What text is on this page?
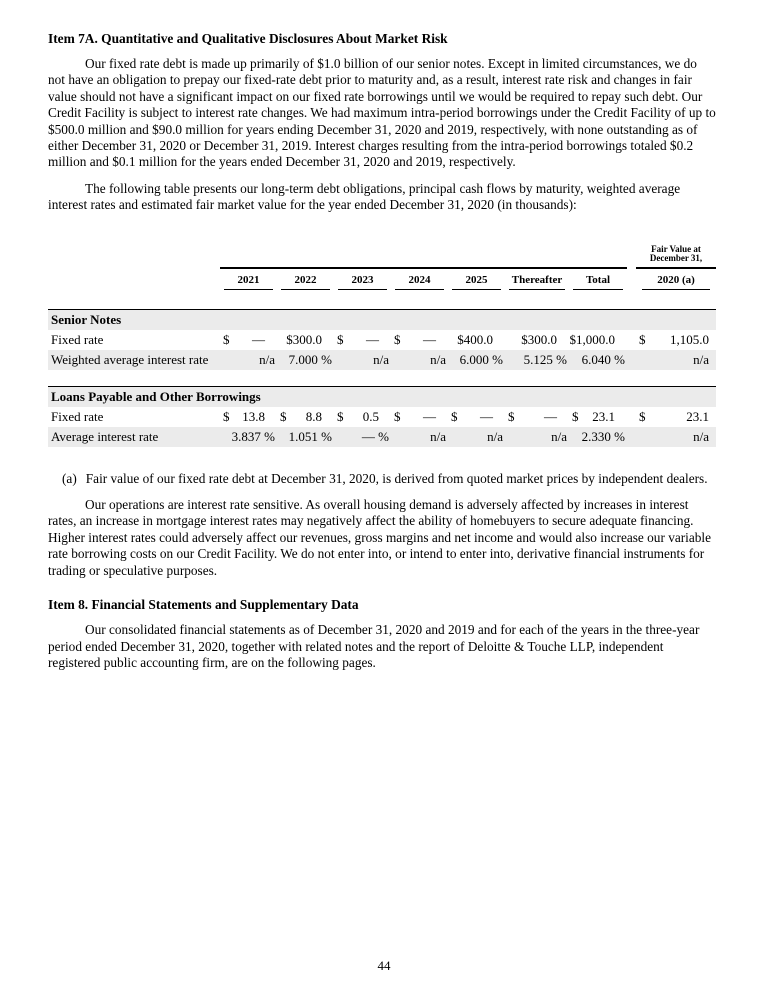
Item 7A. Quantitative and Qualitative Disclosures About Market Risk

Our fixed rate debt is made up primarily of $1.0 billion of our senior notes. Except in limited circumstances, we do not have an obligation to prepay our fixed-rate debt prior to maturity and, as a result, interest rate risk and changes in fair value should not have a significant impact on our fixed rate borrowings until we would be required to repay such debt. Our Credit Facility is subject to interest rate changes. We had maximum intra-period borrowings under the Credit Facility of up to $500.0 million and $90.0 million for years ending December 31, 2020 and 2019, respectively, with none outstanding as of either December 31, 2020 or December 31, 2019. Interest charges resulting from the intra-period borrowings totaled $0.2 million and $0.1 million for the years ended December 31, 2020 and 2019, respectively.

The following table presents our long-term debt obligations, principal cash flows by maturity, weighted average interest rates and estimated fair market value for the year ended December 31, 2020 (in thousands):

									Fair Value at
December 31,

	2021	2022	2023	2024	2025	Thereafter	Total		2020 (a)

Senior Notes									
Fixed rate	$ —	$300.0	$ —	$ —	$400.0	$300.0	$1,000.0		$ 1,105.0
Weighted average interest rate	n/a	7.000 %	n/a	n/a	6.000 %	5.125 %	6.040 %		n/a

Loans Payable and Other Borrowings									
Fixed rate	$ 13.8	$ 8.8	$ 0.5	$ —	$ —	$ —	$ 23.1		$ 23.1
Average interest rate	3.837 %	1.051 %	— %	n/a	n/a	n/a	2.330 %		n/a

(a) Fair value of our fixed rate debt at December 31, 2020, is derived from quoted market prices by independent dealers.

Our operations are interest rate sensitive. As overall housing demand is adversely affected by increases in interest rates, an increase in mortgage interest rates may negatively affect the ability of homebuyers to secure adequate financing. Higher interest rates could adversely affect our revenues, gross margins and net income and would also increase our variable rate borrowing costs on our Credit Facility. We do not enter into, or intend to enter into, derivative financial instruments for trading or speculative purposes.

Item 8. Financial Statements and Supplementary Data

Our consolidated financial statements as of December 31, 2020 and 2019 and for each of the years in the three-year period ended December 31, 2020, together with related notes and the report of Deloitte & Touche LLP, independent registered public accounting firm, are on the following pages.

44
